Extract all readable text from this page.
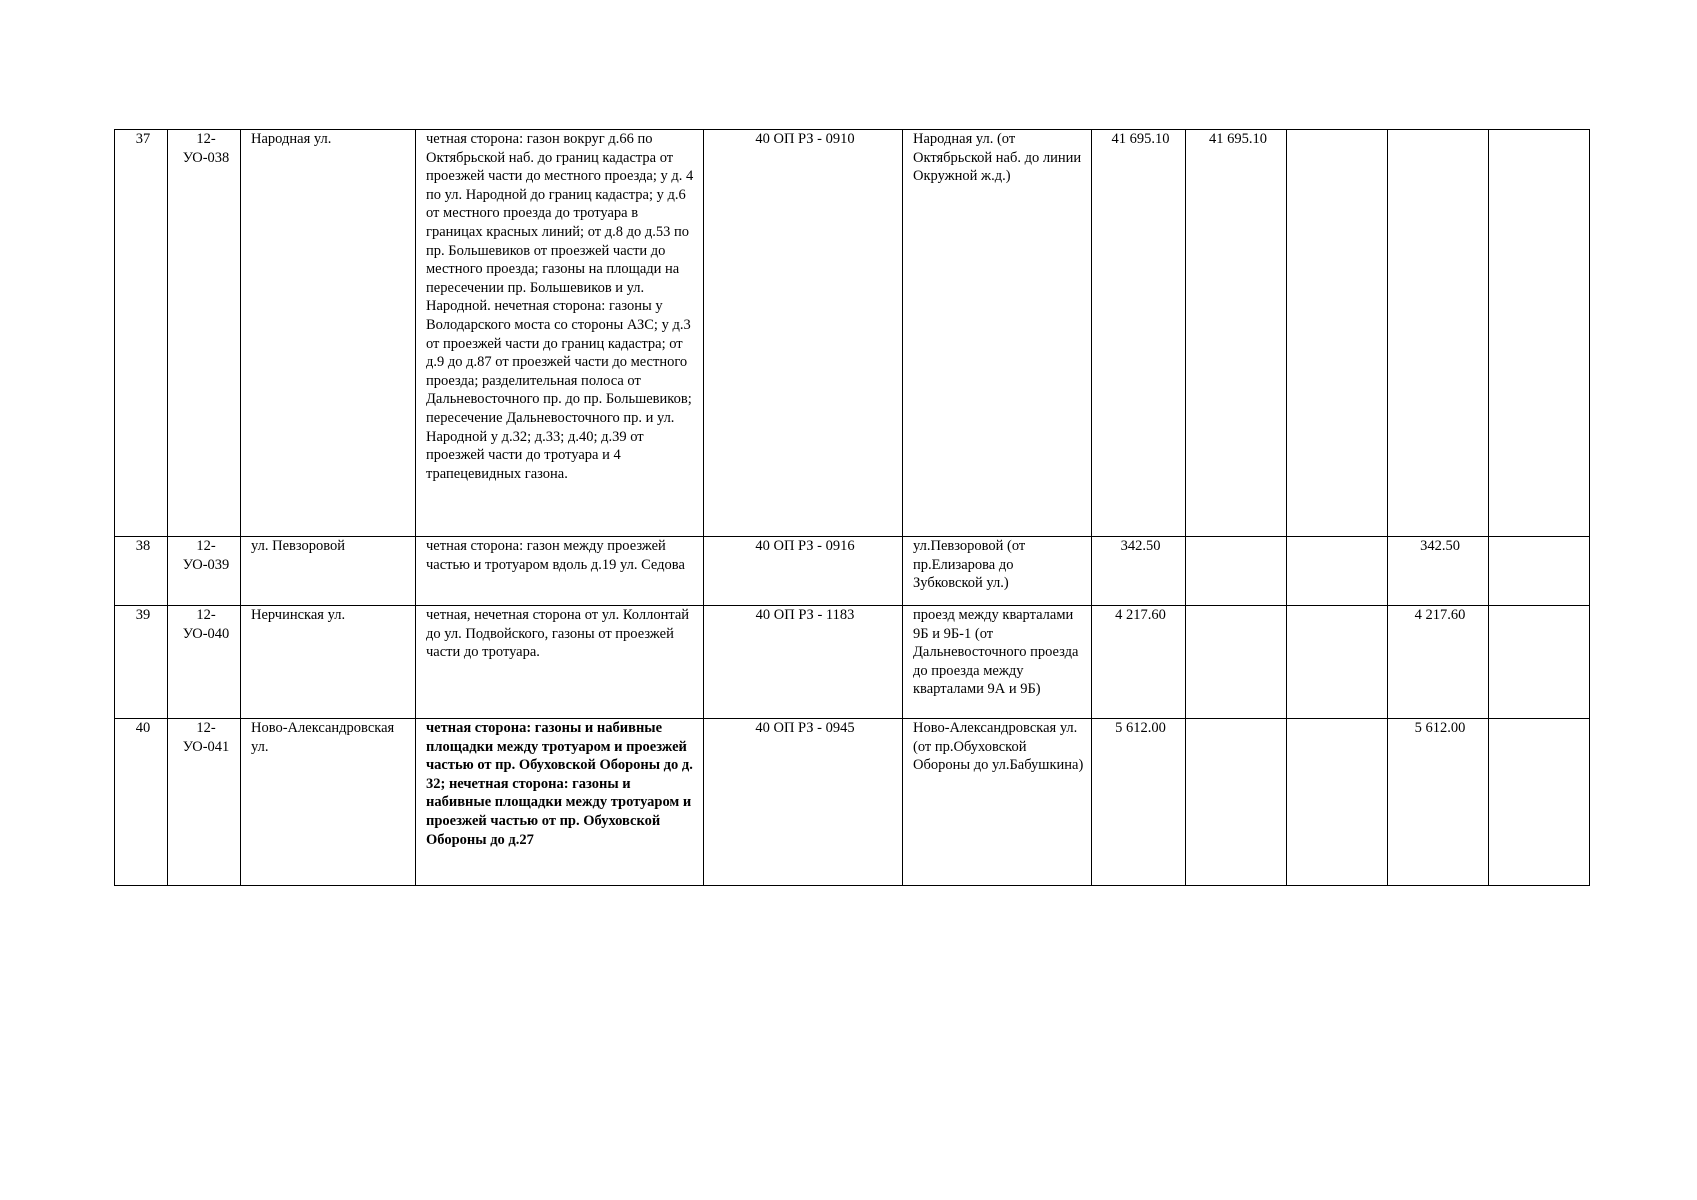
37	12-УО-038	Народная ул.	четная сторона: газон вокруг д.66 по Октябрьской наб. до границ кадастра от проезжей части до местного проезда; у д. 4 по ул. Народной до границ кадастра; у д.6 от местного проезда до тротуара в границах красных линий; от д.8 до д.53 по пр. Большевиков от проезжей части до местного проезда; газоны на площади на пересечении пр. Большевиков и ул. Народной. нечетная сторона: газоны у Володарского моста со стороны АЗС; у д.3 от проезжей части до границ кадастра; от д.9 до д.87 от проезжей части до местного проезда; разделительная полоса от Дальневосточного пр. до пр. Большевиков; пересечение Дальневосточного пр. и ул. Народной у д.32; д.33; д.40; д.39 от проезжей части до тротуара и 4 трапецевидных газона.	40 ОП РЗ - 0910	Народная ул. (от Октябрьской наб. до линии Окружной ж.д.)	41 695.10	41 695.10			
38	12-УО-039	ул. Певзоровой	четная сторона: газон между проезжей частью и тротуаром вдоль д.19 ул. Седова	40 ОП РЗ - 0916	ул.Певзоровой (от пр.Елизарова до Зубковской ул.)	342.50			342.50	
39	12-УО-040	Нерчинская ул.	четная, нечетная сторона от ул. Коллонтай до ул. Подвойского, газоны от проезжей части до тротуара.	40 ОП РЗ - 1183	проезд между кварталами 9Б и 9Б-1 (от Дальневосточного проезда до проезда между кварталами 9А и 9Б)	4 217.60			4 217.60	
40	12-УО-041	Ново-Александровская ул.	четная сторона: газоны и набивные площадки между тротуаром и проезжей частью от пр. Обуховской Обороны до д. 32; нечетная сторона: газоны и набивные площадки между тротуаром и проезжей частью от пр. Обуховской Обороны до д.27	40 ОП РЗ - 0945	Ново-Александровская ул. (от пр.Обуховской Обороны до ул.Бабушкина)	5 612.00			5 612.00	
